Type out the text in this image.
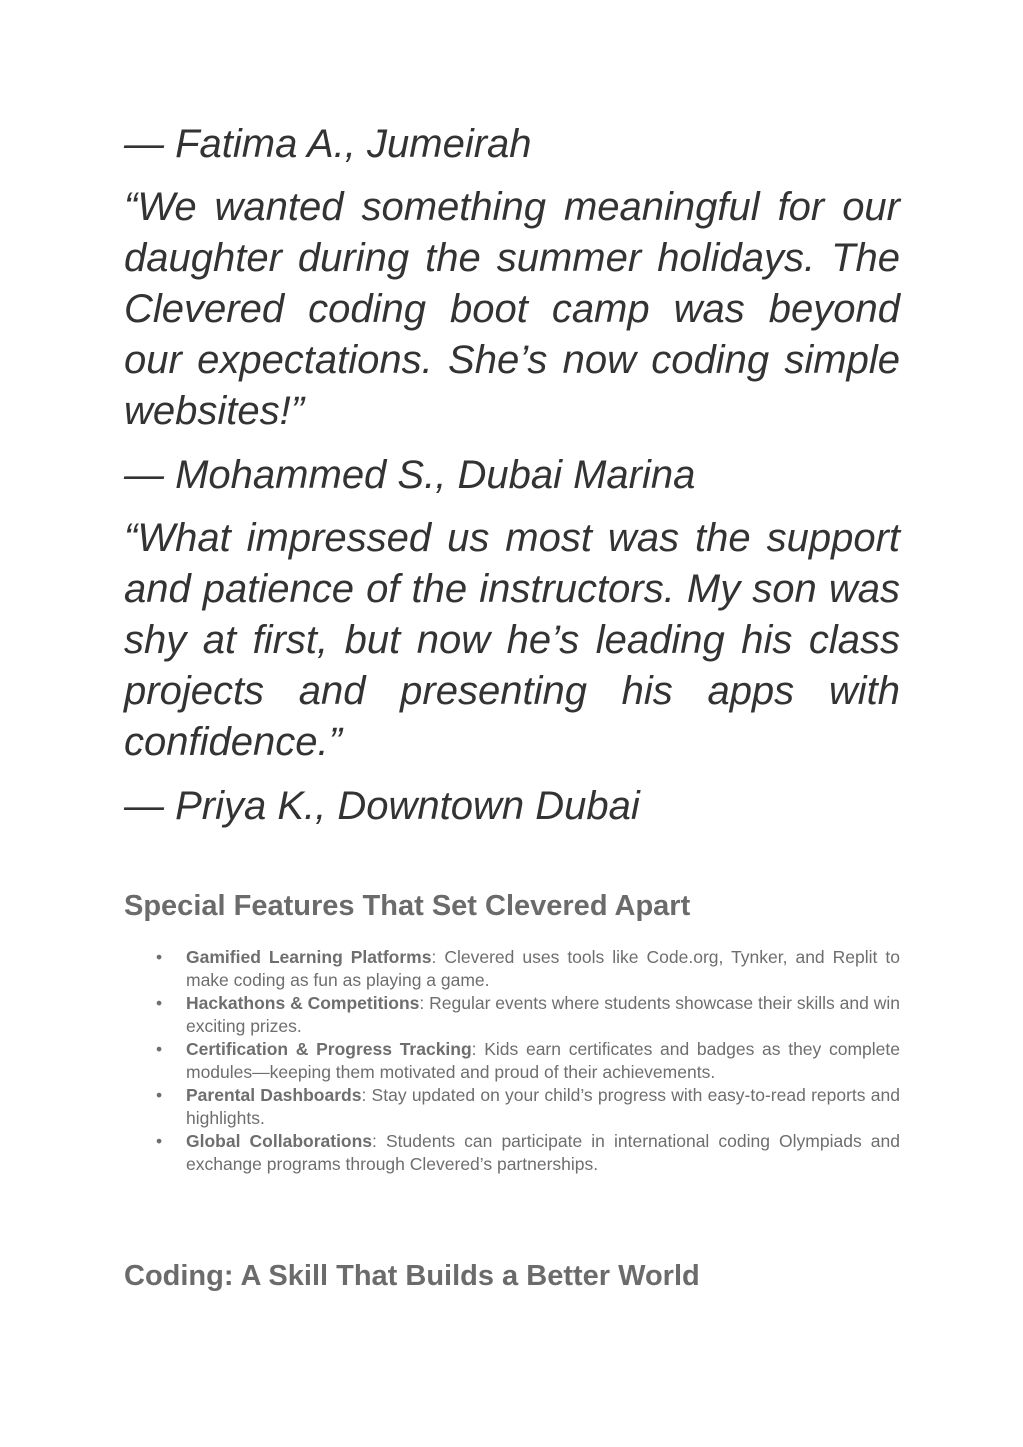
— Fatima A., Jumeirah

“We wanted something meaningful for our daughter during the summer holidays. The Clevered coding boot camp was beyond our expectations. She’s now coding simple websites!”

— Mohammed S., Dubai Marina

“What impressed us most was the support and patience of the instructors. My son was shy at first, but now he’s leading his class projects and presenting his apps with confidence.”

— Priya K., Downtown Dubai

Special Features That Set Clevered Apart
• Gamified Learning Platforms: Clevered uses tools like Code.org, Tynker, and Replit to make coding as fun as playing a game.
• Hackathons & Competitions: Regular events where students showcase their skills and win exciting prizes.
• Certification & Progress Tracking: Kids earn certificates and badges as they complete modules—keeping them motivated and proud of their achievements.
• Parental Dashboards: Stay updated on your child’s progress with easy-to-read reports and highlights.
• Global Collaborations: Students can participate in international coding Olympiads and exchange programs through Clevered’s partnerships.
Coding: A Skill That Builds a Better World
